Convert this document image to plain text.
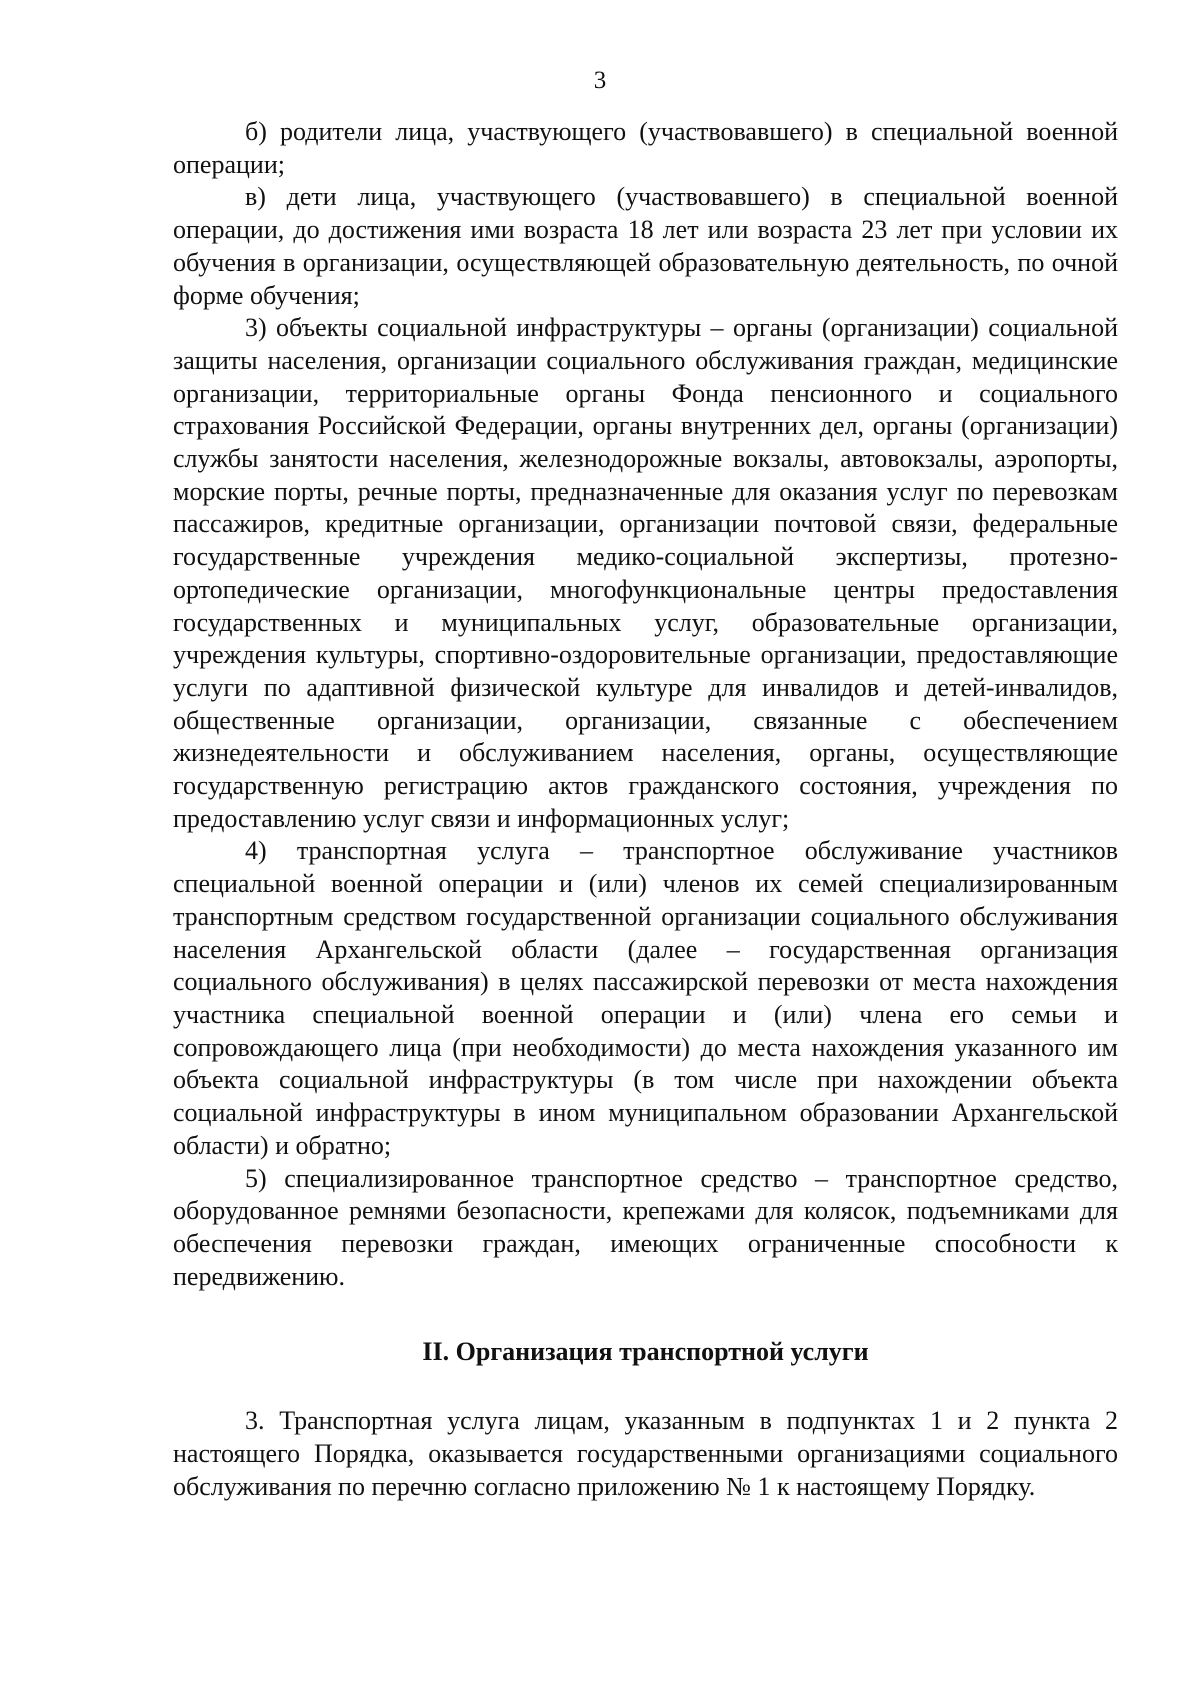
3

б) родители лица, участвующего (участвовавшего) в специальной военной операции;

в) дети лица, участвующего (участвовавшего) в специальной военной операции, до достижения ими возраста 18 лет или возраста 23 лет при условии их обучения в организации, осуществляющей образовательную деятельность, по очной форме обучения;

3) объекты социальной инфраструктуры – органы (организации) социальной защиты населения, организации социального обслуживания граждан, медицинские организации, территориальные органы Фонда пенсионного и социального страхования Российской Федерации, органы внутренних дел, органы (организации) службы занятости населения, железнодорожные вокзалы, автовокзалы, аэропорты, морские порты, речные порты, предназначенные для оказания услуг по перевозкам пассажиров, кредитные организации, организации почтовой связи, федеральные государственные учреждения медико-социальной экспертизы, протезно-ортопедические организации, многофункциональные центры предоставления государственных и муниципальных услуг, образовательные организации, учреждения культуры, спортивно-оздоровительные организации, предоставляющие услуги по адаптивной физической культуре для инвалидов и детей-инвалидов, общественные организации, организации, связанные с обеспечением жизнедеятельности и обслуживанием населения, органы, осуществляющие государственную регистрацию актов гражданского состояния, учреждения по предоставлению услуг связи и информационных услуг;

4) транспортная услуга – транспортное обслуживание участников специальной военной операции и (или) членов их семей специализированным транспортным средством государственной организации социального обслуживания населения Архангельской области (далее – государственная организация социального обслуживания) в целях пассажирской перевозки от места нахождения участника специальной военной операции и (или) члена его семьи и сопровождающего лица (при необходимости) до места нахождения указанного им объекта социальной инфраструктуры (в том числе при нахождении объекта социальной инфраструктуры в ином муниципальном образовании Архангельской области) и обратно;

5) специализированное транспортное средство – транспортное средство, оборудованное ремнями безопасности, крепежами для колясок, подъемниками для обеспечения перевозки граждан, имеющих ограниченные способности к передвижению.

II. Организация транспортной услуги

3. Транспортная услуга лицам, указанным в подпунктах 1 и 2 пункта 2 настоящего Порядка, оказывается государственными организациями социального обслуживания по перечню согласно приложению № 1 к настоящему Порядку.
